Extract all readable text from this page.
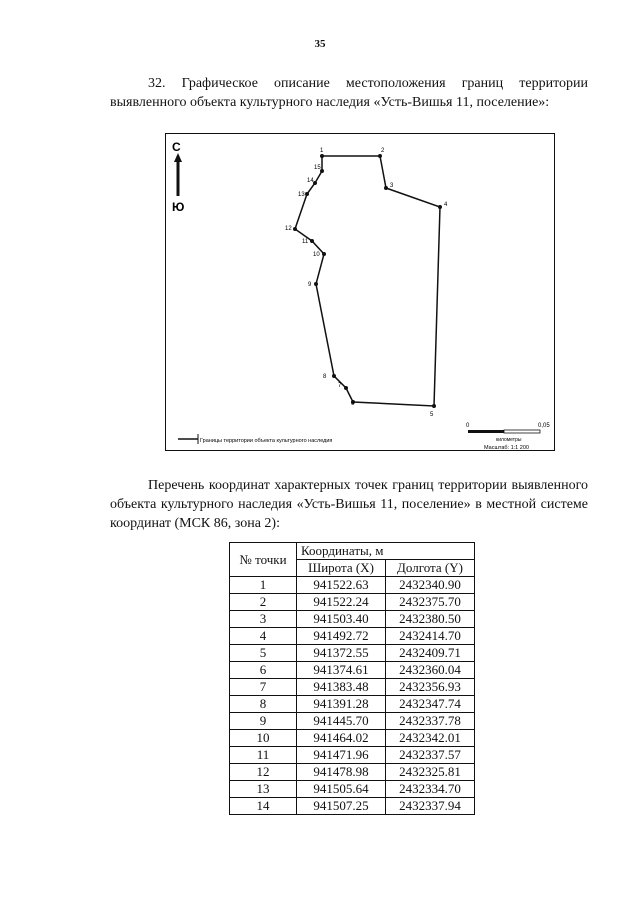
35
32. Графическое описание местоположения границ территории выявленного объекта культурного наследия «Усть-Вишья 11, поселение»:
С
Ю
1	2
3
4
5
6
7
8
9
10
11
12
13
14
15
Границы территории объекта культурного наследия
0	0,05
километры
Масштаб: 1:1 200
Перечень координат характерных точек границ территории выявленного объекта культурного наследия «Усть-Вишья 11, поселение» в местной системе координат (МСК 86, зона 2):
№ точки	Координаты, м	
	Широта (X)	Долгота (Y)
1	941522.63	2432340.90
2	941522.24	2432375.70
3	941503.40	2432380.50
4	941492.72	2432414.70
5	941372.55	2432409.71
6	941374.61	2432360.04
7	941383.48	2432356.93
8	941391.28	2432347.74
9	941445.70	2432337.78
10	941464.02	2432342.01
11	941471.96	2432337.57
12	941478.98	2432325.81
13	941505.64	2432334.70
14	941507.25	2432337.94
